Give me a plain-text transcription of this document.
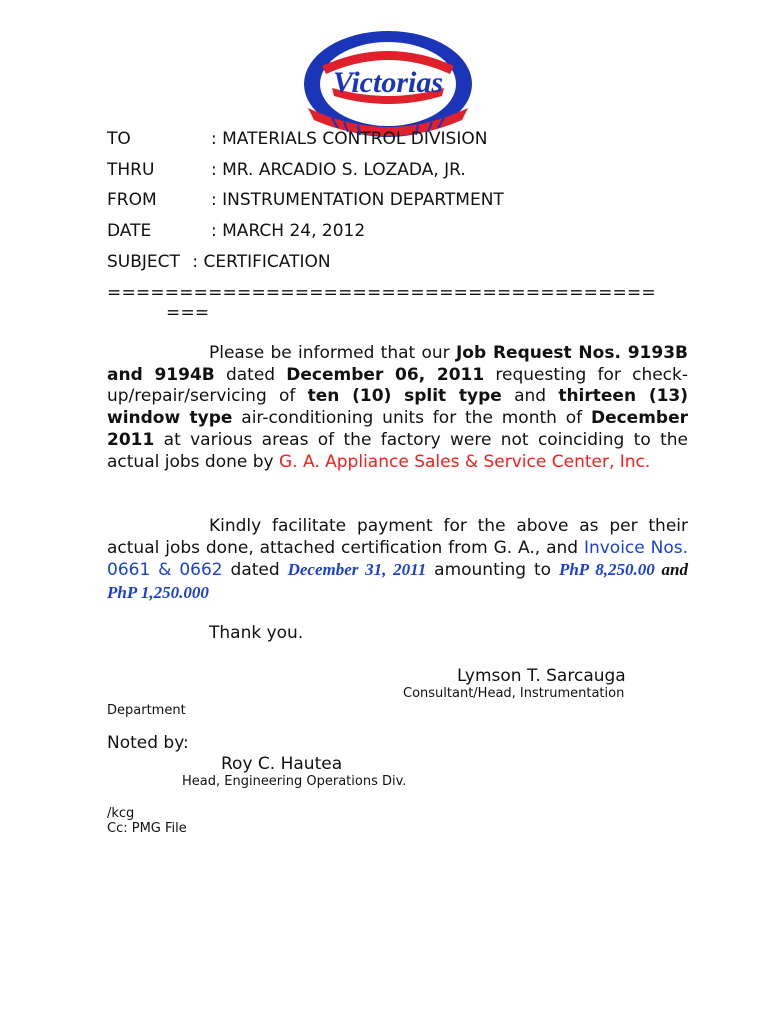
Victorias
TO	: MATERIALS CONTROL DIVISION
THRU	: MR. ARCADIO S. LOZADA, JR.
FROM	: INSTRUMENTATION DEPARTMENT
DATE	: MARCH 24, 2012
SUBJECT : CERTIFICATION
======================================
===

Please be informed that our Job Request Nos. 9193B and 9194B dated December 06, 2011 requesting for check-up/repair/servicing of ten (10) split type and thirteen (13) window type air-conditioning units for the month of December 2011 at various areas of the factory were not coinciding to the actual jobs done by G. A. Appliance Sales & Service Center, Inc.

Kindly facilitate payment for the above as per their actual jobs done, attached certification from G. A., and Invoice Nos. 0661 & 0662 dated December 31, 2011 amounting to PhP 8,250.00 and PhP 1,250.000

Thank you.
Lymson T. Sarcauga
Consultant/Head, Instrumentation
Department
Noted by:
Roy C. Hautea
Head, Engineering Operations Div.
/kcg
Cc: PMG File
